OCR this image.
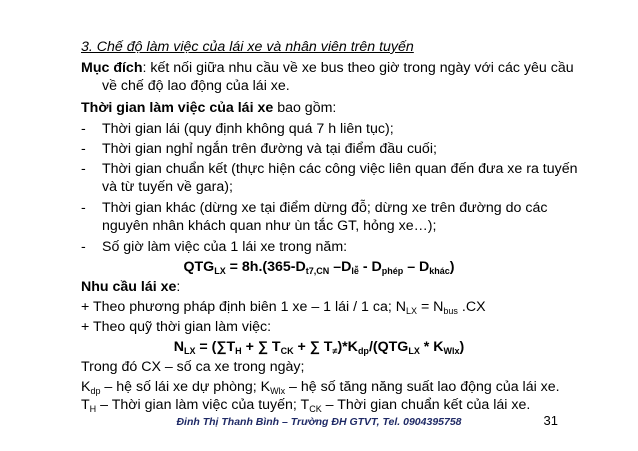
3. Chế độ làm việc của lái xe và nhân viên trên tuyến
Mục đích: kết nối giữa nhu cầu về xe bus theo giờ trong ngày với các yêu cầu
về chế độ lao động của lái xe.
Thời gian làm việc của lái xe bao gồm:
- Thời gian lái (quy định không quá 7 h liên tục);
- Thời gian nghỉ ngắn trên đường và tại điểm đầu cuối;
- Thời gian chuẩn kết (thực hiện các công việc liên quan đến đưa xe ra tuyến
và từ tuyến về gara);
- Thời gian khác (dừng xe tại điểm dừng đỗ; dừng xe trên đường do các
nguyên nhân khách quan như ùn tắc GT, hỏng xe…);
- Số giờ làm việc của 1 lái xe trong năm:
$QTG_{LX} = 8h.(365-D_{t7,CN}$ $-D_{lễ} - D_{phép} - D_{khác}$)
Nhu cầu lái xe:
+ Theo phương pháp định biên 1 xe – 1 lái / 1 ca; $N_{LX} = N_{bus}$ .CX
+ Theo quỹ thời gian làm việc:
$N_{LX} = (\sum T_H$ + ∑ $T_{CK}$ + ∑ $T_\ne)*K_{dp}/(QTG_{LX} * K_{Wlx})$
Trong đó CX – số ca xe trong ngày;
$K_{dp}$ – hệ số lái xe dự phòng; $K_{Wlx}$ – hệ số tăng năng suất lao động của lái xe.
$T_H$ – Thời gian làm việc của tuyến; $T_{CK}$ – Thời gian chuẩn kết của lái xe.
Đinh Thị Thanh Bình – Trường ĐH GTVT, Tel. 0904395758	31
